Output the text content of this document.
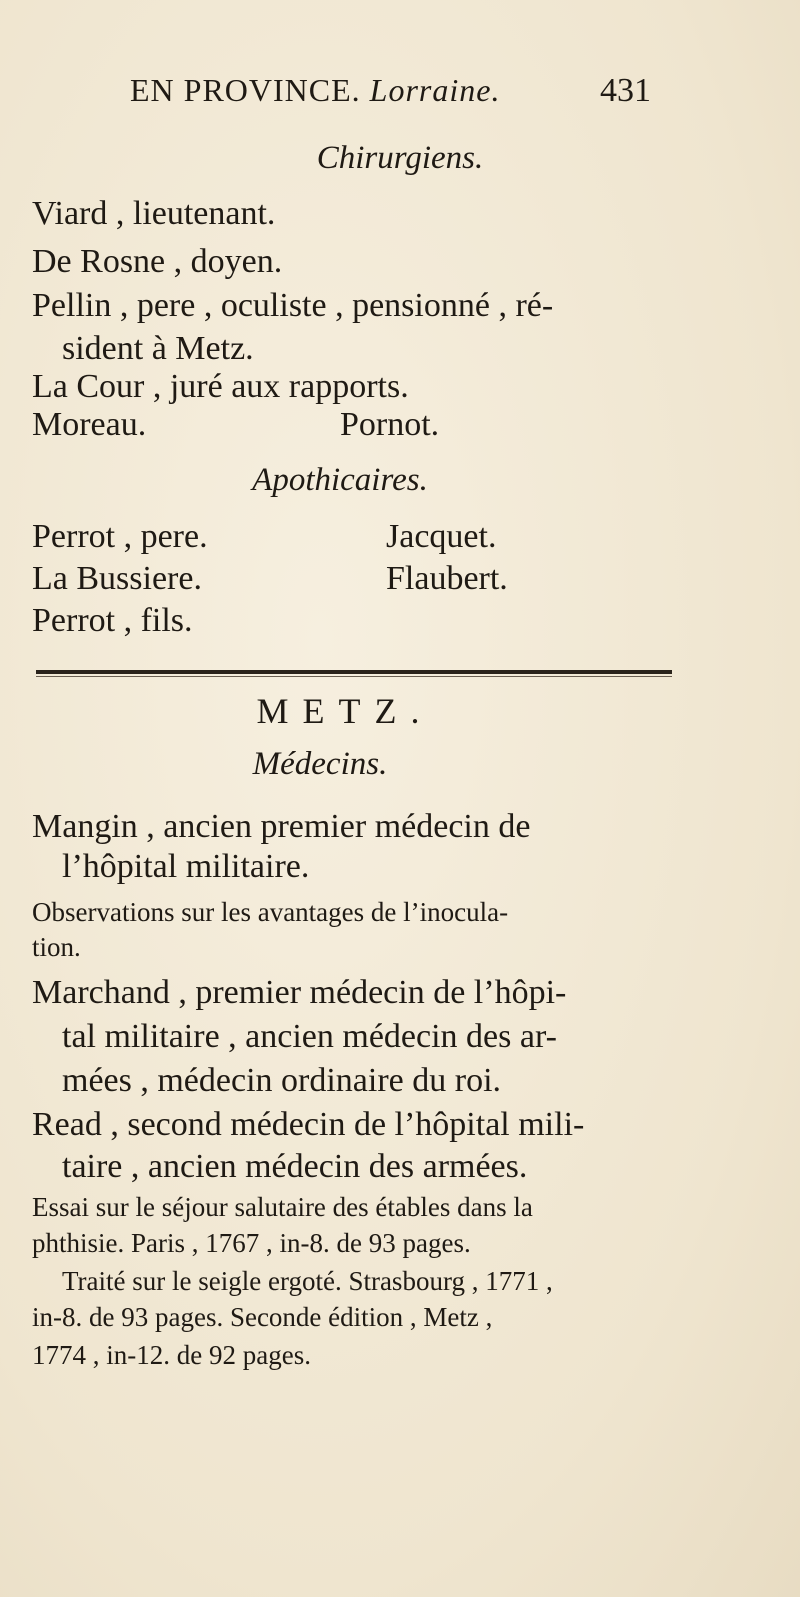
EN PROVINCE. Lorraine.	431
Chirurgiens.
Viard , lieutenant.
De Rosne , doyen.
Pellin , pere , oculiste , pensionné , ré-
sident à Metz.
La Cour , juré aux rapports.
Moreau.	Pornot.
Apothicaires.
Perrot , pere.
La Bussiere.
Perrot , fils.
Jacquet.
Flaubert.
METZ.
Médecins.
Mangin , ancien premier médecin de
l’hôpital militaire.
Observations sur les avantages de l’inocula-
tion.
Marchand , premier médecin de l’hôpi-
tal militaire , ancien médecin des ar-
mées , médecin ordinaire du roi.
Read , second médecin de l’hôpital mili-
taire , ancien médecin des armées.
Essai sur le séjour salutaire des étables dans la
phthisie. Paris , 1767 , in-8. de 93 pages.
Traité sur le seigle ergoté. Strasbourg , 1771 ,
in-8. de 93 pages. Seconde édition , Metz ,
1774 , in-12. de 92 pages.
